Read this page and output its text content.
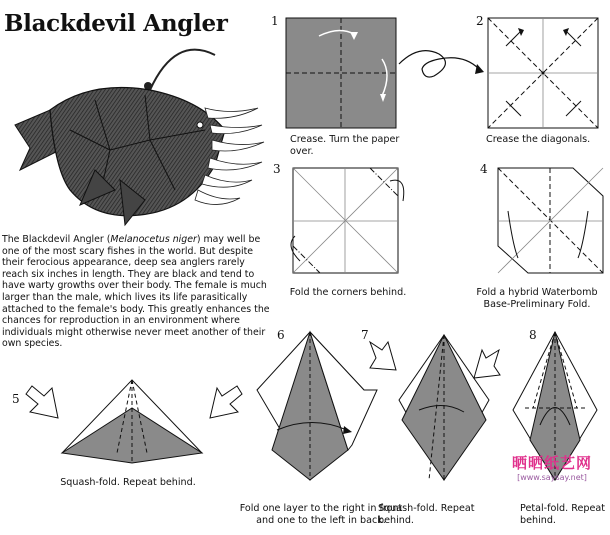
Blackdevil Angler

The Blackdevil Angler (Melanocetus niger) may well be one of the most scary fishes in the world. But despite their ferocious appearance, deep sea anglers rarely reach six inches in length. They are black and tend to have warty growths over their body. The female is much larger than the male, which lives its life parasitically attached to the female's body. This greatly enhances the chances for reproduction in an environment where individuals might otherwise never meet another of their own species.

1
Crease. Turn the paper over.
2
Crease the diagonals.
3
Fold the corners behind.
4
Fold a hybrid Waterbomb Base-Preliminary Fold.
5
Squash-fold. Repeat behind.
6
Fold one layer to the right in front and one to the left in back.
7
Squash-fold. Repeat behind.
8
Petal-fold. Repeat behind.
晒晒纸艺网
[www.saysay.net]
